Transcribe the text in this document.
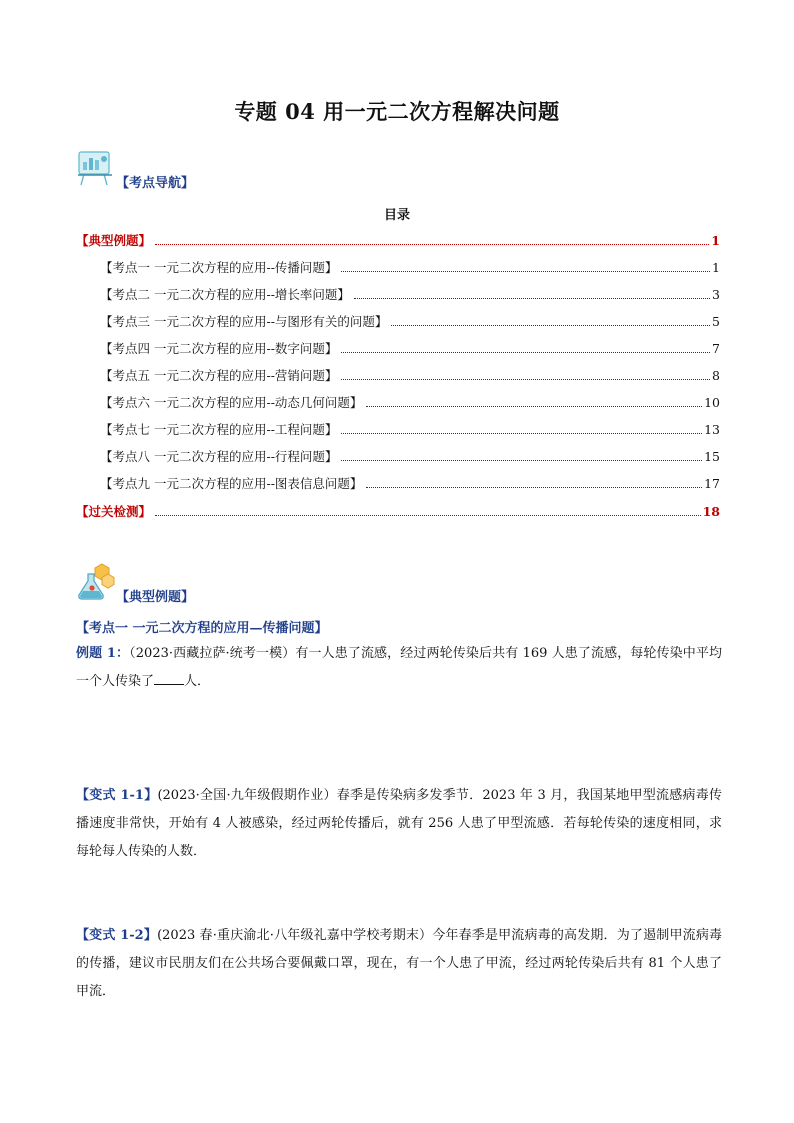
专题 04 用一元二次方程解决问题
【考点导航】
目录
【典型例题】	1
【考点一 一元二次方程的应用--传播问题】	1
【考点二 一元二次方程的应用--增长率问题】	3
【考点三 一元二次方程的应用--与图形有关的问题】	5
【考点四 一元二次方程的应用--数字问题】	7
【考点五 一元二次方程的应用--营销问题】	8
【考点六 一元二次方程的应用--动态几何问题】	10
【考点七 一元二次方程的应用--工程问题】	13
【考点八 一元二次方程的应用--行程问题】	15
【考点九 一元二次方程的应用--图表信息问题】	17
【过关检测】	18
【典型例题】
【考点一 一元二次方程的应用—传播问题】
例题 1：（2023·西藏拉萨·统考一模）有一人患了流感，经过两轮传染后共有 169 人患了流感，每轮传染中平均一个人传染了 人．
【变式 1-1】(2023·全国·九年级假期作业）春季是传染病多发季节．2023 年 3 月，我国某地甲型流感病毒传播速度非常快，开始有 4 人被感染，经过两轮传播后，就有 256 人患了甲型流感．若每轮传染的速度相同，求每轮每人传染的人数．
【变式 1-2】(2023 春·重庆渝北·八年级礼嘉中学校考期末）今年春季是甲流病毒的高发期．为了遏制甲流病毒的传播，建议市民朋友们在公共场合要佩戴口罩，现在，有一个人患了甲流，经过两轮传染后共有 81 个人患了甲流．
